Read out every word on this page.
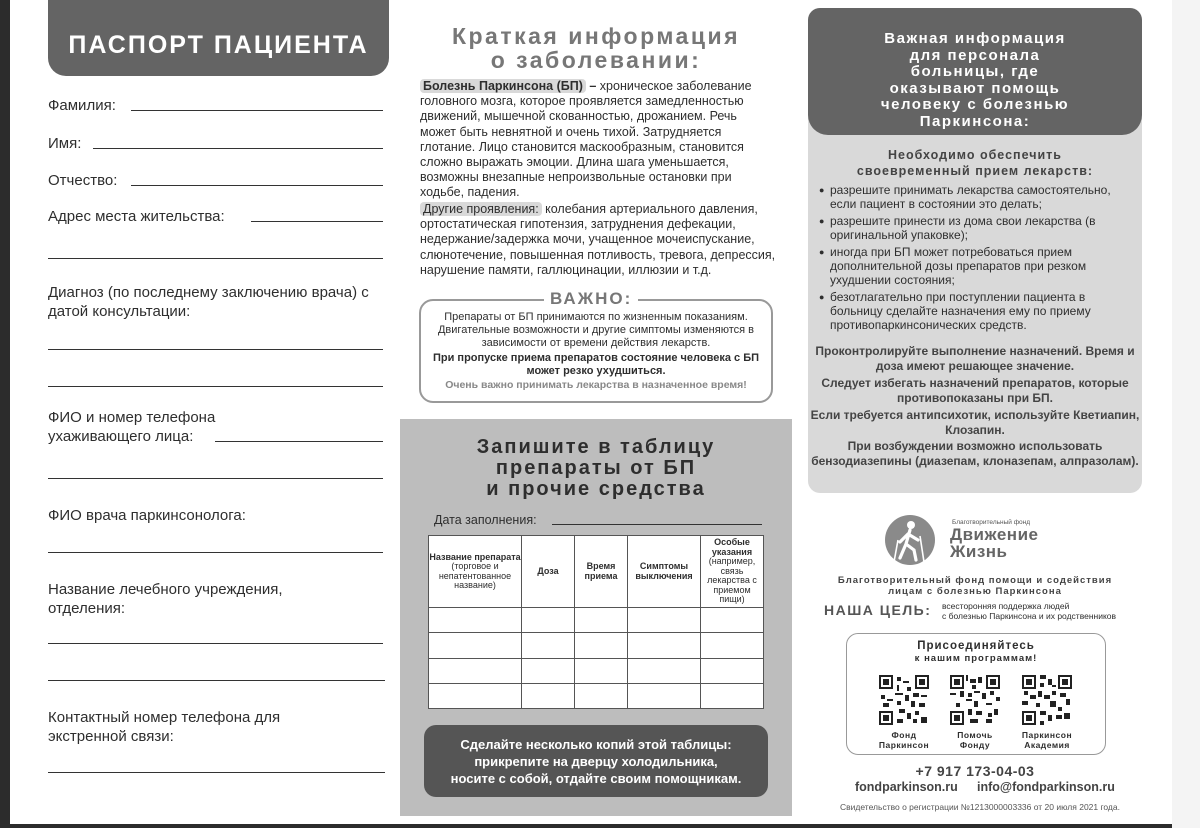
ПАСПОРТ ПАЦИЕНТА
Фамилия:
Имя:
Отчество:
Адрес места жительства:
Диагноз (по последнему заключению врача) с датой консультации:
ФИО и номер телефона ухаживающего лица:
ФИО врача паркинсонолога:
Название лечебного учреждения, отделения:
Контактный номер телефона для экстренной связи:
Краткая информация
о заболевании:
Болезнь Паркинсона (БП) – хроническое заболевание головного мозга, которое проявляется замедленностью движений, мышечной скованностью, дрожанием. Речь может быть невнятной и очень тихой. Затрудняется глотание. Лицо становится маскообразным, становится сложно выражать эмоции. Длина шага уменьшается, возможны внезапные непроизвольные остановки при ходьбе, падения.
Другие проявления: колебания артериального давления, ортостатическая гипотензия, затруднения дефекации, недержание/задержка мочи, учащенное мочеиспускание, слюнотечение, повышенная потливость, тревога, депрессия, нарушение памяти, галлюцинации, иллюзии и т.д.
ВАЖНО:
Препараты от БП принимаются по жизненным показаниям. Двигательные возможности и другие симптомы изменяются в зависимости от времени действия лекарств.
При пропуске приема препаратов состояние человека с БП может резко ухудшиться.
Очень важно принимать лекарства в назначенное время!
Запишите в таблицу
препараты от БП
и прочие средства
Дата заполнения:
Название препарата
(торговое и непатентованное название)	Доза	Время приема	Симптомы выключения	Особые указания
(например, связь лекарства с приемом пищи)

Сделайте несколько копий этой таблицы:
прикрепите на дверцу холодильника,
носите с собой, отдайте своим помощникам.
Важная информация
для персонала
больницы, где
оказывают помощь
человеку с болезнью
Паркинсона:
Необходимо обеспечить
своевременный прием лекарств:
● разрешите принимать лекарства самостоятельно, если пациент в состоянии это делать;
● разрешите принести из дома свои лекарства (в оригинальной упаковке);
● иногда при БП может потребоваться прием дополнительной дозы препаратов при резком ухудшении состояния;
● безотлагательно при поступлении пациента в больницу сделайте назначения ему по приему противопаркинсонических средств.
Проконтролируйте выполнение назначений. Время и доза имеют решающее значение.
Следует избегать назначений препаратов, которые противопоказаны при БП.
Если требуется антипсихотик, используйте Кветиапин, Клозапин.
При возбуждении возможно использовать бензодиазепины (диазепам, клоназепам, алпразолам).
Благотворительный фонд
Движение
Жизнь
Благотворительный фонд помощи и содействия
лицам с болезнью Паркинсона
НАША ЦЕЛЬ: всесторонняя поддержка людей
с болезнью Паркинсона и их родственников
Присоединяйтесь
к нашим программам!
Фонд
Паркинсон
Помочь
Фонду
Паркинсон
Академия
+7 917 173-04-03
fondparkinson.ru info@fondparkinson.ru
Свидетельство о регистрации №1213000003336 от 20 июля 2021 года.
